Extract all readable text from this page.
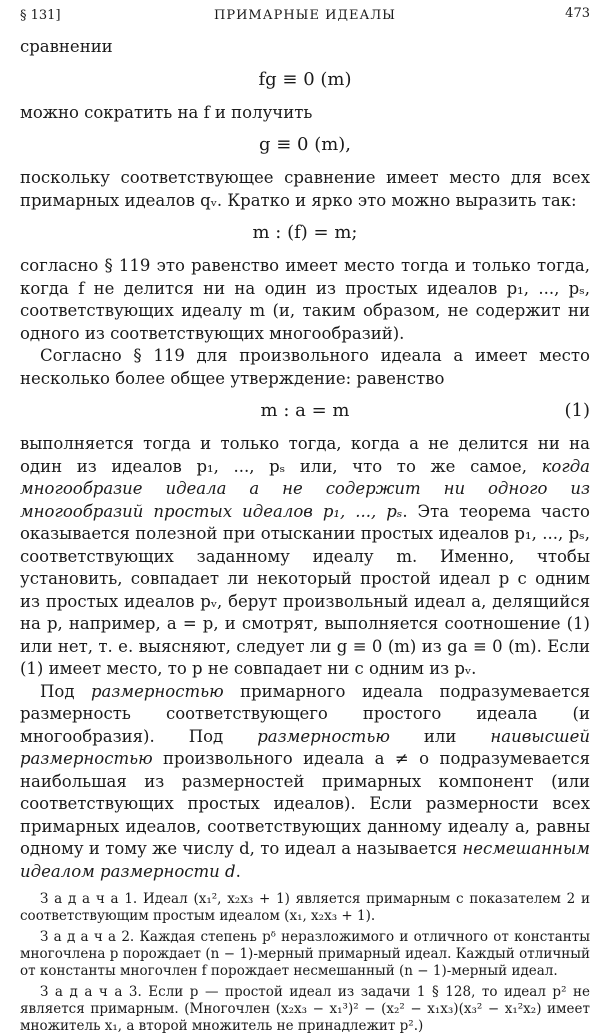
§ 131]	ПРИМАРНЫЕ ИДЕАЛЫ	473

сравнении

fg ≡ 0 (m)

можно сократить на f и получить

g ≡ 0 (m),

поскольку соответствующее сравнение имеет место для всех примарных идеалов qᵥ. Кратко и ярко это можно выразить так:

m : (f) = m;

согласно § 119 это равенство имеет место тогда и только тогда, когда f не делится ни на один из простых идеалов p₁, ..., pₛ, соответствующих идеалу m (и, таким образом, не содержит ни одного из соответствующих многообразий).

Согласно § 119 для произвольного идеала a имеет место несколько более общее утверждение: равенство

m : a = m	(1)

выполняется тогда и только тогда, когда a не делится ни на один из идеалов p₁, ..., pₛ или, что то же самое, когда многообразие идеала a не содержит ни одного из многообразий простых идеалов p₁, ..., pₛ. Эта теорема часто оказывается полезной при отыскании простых идеалов p₁, ..., pₛ, соответствующих заданному идеалу m. Именно, чтобы установить, совпадает ли некоторый простой идеал p с одним из простых идеалов pᵥ, берут произвольный идеал a, делящийся на p, например, a = p, и смотрят, выполняется соотношение (1) или нет, т. е. выясняют, следует ли g ≡ 0 (m) из ga ≡ 0 (m). Если (1) имеет место, то p не совпадает ни с одним из pᵥ.

Под размерностью примарного идеала подразумевается размерность соответствующего простого идеала (и многообразия). Под размерностью или наивысшей размерностью произвольного идеала a ≠ o подразумевается наибольшая из размерностей примарных компонент (или соответствующих простых идеалов). Если размерности всех примарных идеалов, соответствующих данному идеалу a, равны одному и тому же числу d, то идеал a называется несмешанным идеалом размерности d.

З а д а ч а 1. Идеал (x₁², x₂x₃ + 1) является примарным с показателем 2 и соответствующим простым идеалом (x₁, x₂x₃ + 1).

З а д а ч а 2. Каждая степень pᵟ неразложимого и отличного от константы многочлена p порождает (n − 1)-мерный примарный идеал. Каждый отличный от константы многочлен f порождает несмешанный (n − 1)-мерный идеал.

З а д а ч а 3. Если p — простой идеал из задачи 1 § 128, то идеал p² не является примарным. (Многочлен (x₂x₃ − x₁³)² − (x₂² − x₁x₃)(x₃² − x₁²x₂) имеет множитель x₁, а второй множитель не принадлежит p².)
